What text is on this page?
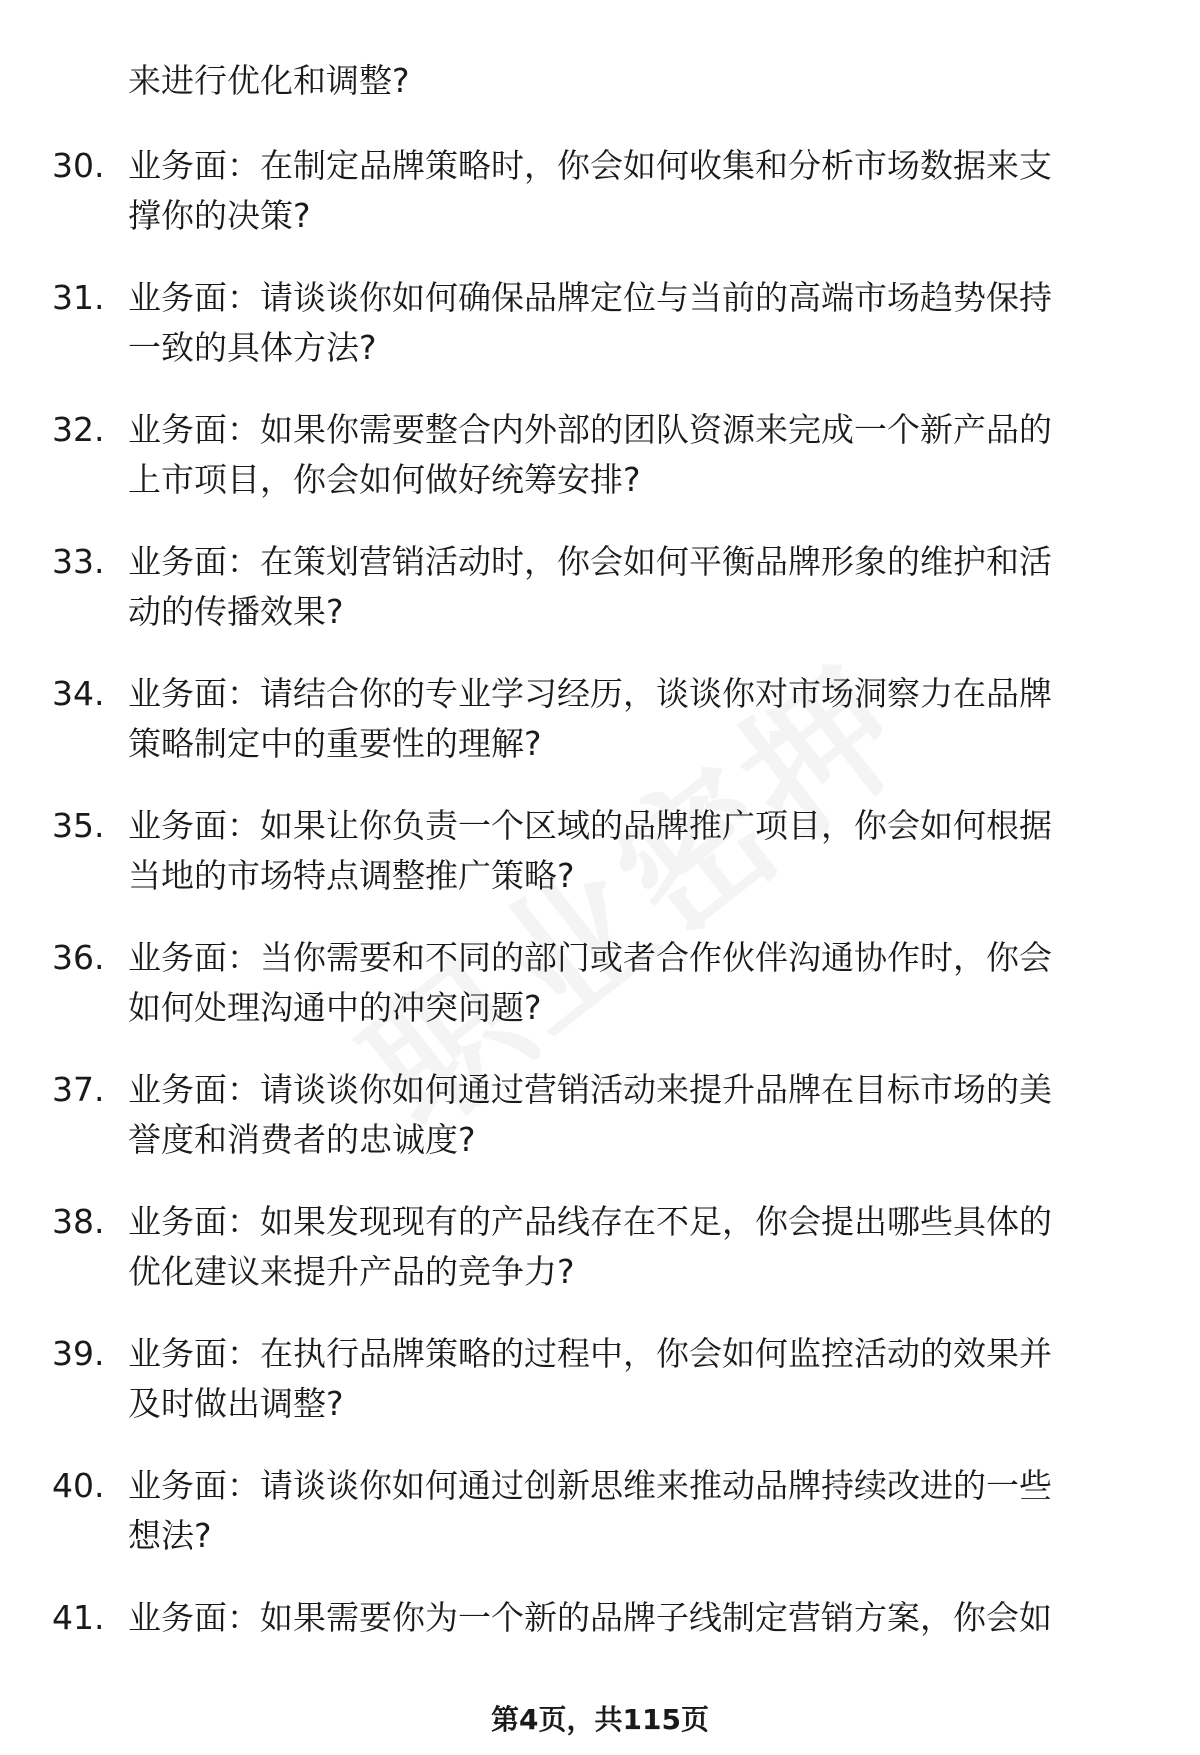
来进行优化和调整?
30. 业务面：在制定品牌策略时，你会如何收集和分析市场数据来支
撑你的决策?
31. 业务面：请谈谈你如何确保品牌定位与当前的高端市场趋势保持
一致的具体方法?
32. 业务面：如果你需要整合内外部的团队资源来完成一个新产品的
上市项目，你会如何做好统筹安排?
33. 业务面：在策划营销活动时，你会如何平衡品牌形象的维护和活
动的传播效果?
34. 业务面：请结合你的专业学习经历，谈谈你对市场洞察力在品牌
策略制定中的重要性的理解?
35. 业务面：如果让你负责一个区域的品牌推广项目，你会如何根据
当地的市场特点调整推广策略?
36. 业务面：当你需要和不同的部门或者合作伙伴沟通协作时，你会
如何处理沟通中的冲突问题?
37. 业务面：请谈谈你如何通过营销活动来提升品牌在目标市场的美
誉度和消费者的忠诚度?
38. 业务面：如果发现现有的产品线存在不足，你会提出哪些具体的
优化建议来提升产品的竞争力?
39. 业务面：在执行品牌策略的过程中，你会如何监控活动的效果并
及时做出调整?
40. 业务面：请谈谈你如何通过创新思维来推动品牌持续改进的一些
想法?
41. 业务面：如果需要你为一个新的品牌子线制定营销方案，你会如
第4页，共115页
